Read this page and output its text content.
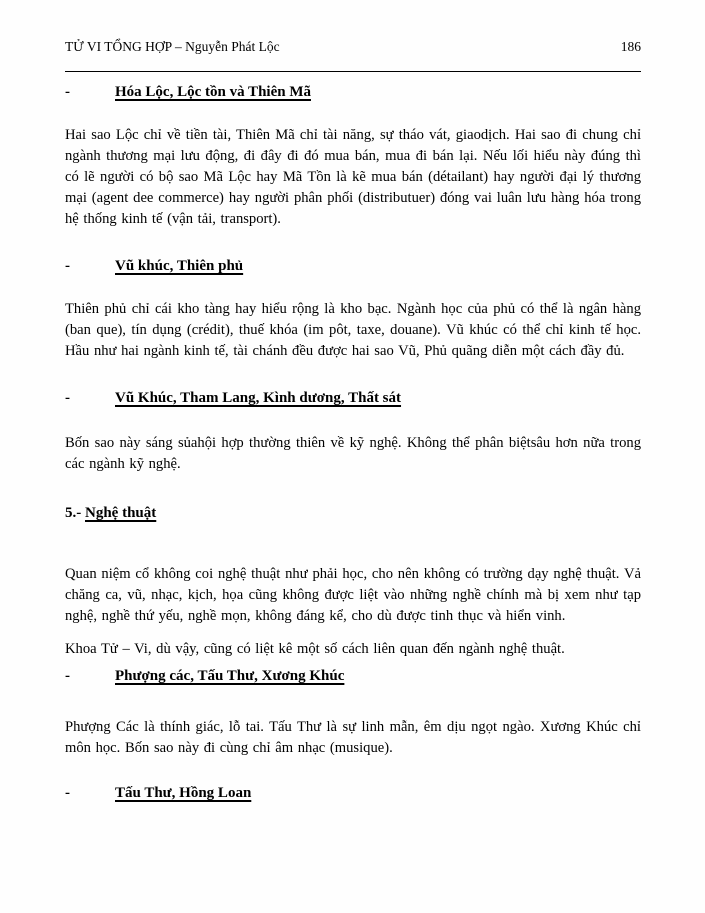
TỬ VI TỔNG HỢP – Nguyễn Phát Lộc	186
-	Hóa Lộc, Lộc tồn và Thiên Mã

Hai sao Lộc chỉ về tiền tài, Thiên Mã chỉ tài năng, sự tháo vát, giaodịch. Hai sao đi chung chỉ ngành thương mại lưu động, đi đây đi đó mua bán, mua đi bán lại. Nếu lối hiểu này đúng thì có lẽ người có bộ sao Mã Lộc hay Mã Tồn là kẽ mua bán (détailant) hay người đại lý thương mại (agent dee commerce) hay người phân phối (distributuer) đóng vai luân lưu hàng hóa trong hệ thống kinh tế (vận tải, transport).

-	Vũ khúc, Thiên phủ

Thiên phủ chỉ cái kho tàng hay hiểu rộng là kho bạc. Ngành học của phủ có thể là ngân hàng (ban que), tín dụng (crédit), thuế khóa (im pôt, taxe, douane). Vũ khúc có thể chỉ kinh tế học. Hầu như hai ngành kinh tế, tài chánh đều được hai sao Vũ, Phủ quãng diễn một cách đầy đủ.

-	Vũ Khúc, Tham Lang, Kình dương, Thất sát

Bốn sao này sáng sủahội hợp thường thiên về kỹ nghệ. Không thể phân biệtsâu hơn nữa trong các ngành kỹ nghệ.

5.- Nghệ thuật

Quan niệm cổ không coi nghệ thuật như phải học, cho nên không có trường dạy nghệ thuật. Vả chăng ca, vũ, nhạc, kịch, họa cũng không được liệt vào những nghề chính mà bị xem như tạp nghệ, nghề thứ yếu, nghề mọn, không đáng kể, cho dù được tinh thục và hiển vinh.

Khoa Tử – Vi, dù vậy, cũng có liệt kê một số cách liên quan đến ngành nghệ thuật.

-	Phượng các, Tấu Thư, Xương Khúc

Phượng Các là thính giác, lỗ tai. Tấu Thư là sự linh mẫn, êm dịu ngọt ngào. Xương Khúc chỉ môn học. Bốn sao này đi cùng chỉ âm nhạc (musique).

-	Tấu Thư, Hồng Loan
